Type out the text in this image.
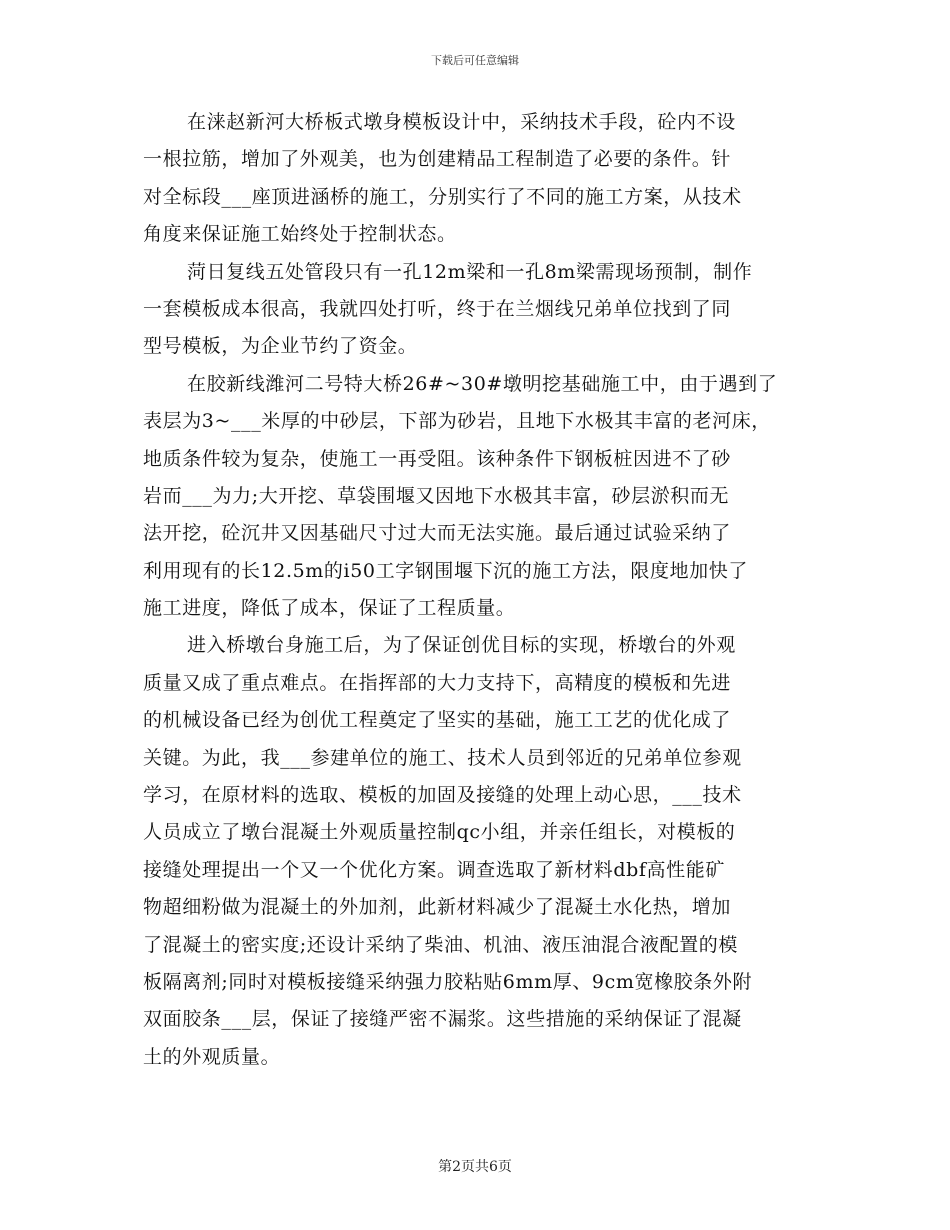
下载后可任意编辑
在涞赵新河大桥板式墩身模板设计中，采纳技术手段，砼内不设
一根拉筋，增加了外观美，也为创建精品工程制造了必要的条件。针
对全标段___座顶进涵桥的施工，分别实行了不同的施工方案，从技术
角度来保证施工始终处于控制状态。
菏日复线五处管段只有一孔12m梁和一孔8m梁需现场预制，制作
一套模板成本很高，我就四处打听，终于在兰烟线兄弟单位找到了同
型号模板，为企业节约了资金。
在胶新线潍河二号特大桥26#~30#墩明挖基础施工中，由于遇到了
表层为3~___米厚的中砂层，下部为砂岩，且地下水极其丰富的老河床，
地质条件较为复杂，使施工一再受阻。该种条件下钢板桩因进不了砂
岩而___为力;大开挖、草袋围堰又因地下水极其丰富，砂层淤积而无
法开挖，砼沉井又因基础尺寸过大而无法实施。最后通过试验采纳了
利用现有的长12.5m的i50工字钢围堰下沉的施工方法，限度地加快了
施工进度，降低了成本，保证了工程质量。
进入桥墩台身施工后，为了保证创优目标的实现，桥墩台的外观
质量又成了重点难点。在指挥部的大力支持下，高精度的模板和先进
的机械设备已经为创优工程奠定了坚实的基础，施工工艺的优化成了
关键。为此，我___参建单位的施工、技术人员到邻近的兄弟单位参观
学习，在原材料的选取、模板的加固及接缝的处理上动心思，___技术
人员成立了墩台混凝土外观质量控制qc小组，并亲任组长，对模板的
接缝处理提出一个又一个优化方案。调查选取了新材料dbf高性能矿
物超细粉做为混凝土的外加剂，此新材料减少了混凝土水化热，增加
了混凝土的密实度;还设计采纳了柴油、机油、液压油混合液配置的模
板隔离剂;同时对模板接缝采纳强力胶粘贴6mm厚、9cm宽橡胶条外附
双面胶条___层，保证了接缝严密不漏浆。这些措施的采纳保证了混凝
土的外观质量。
第2页共6页
